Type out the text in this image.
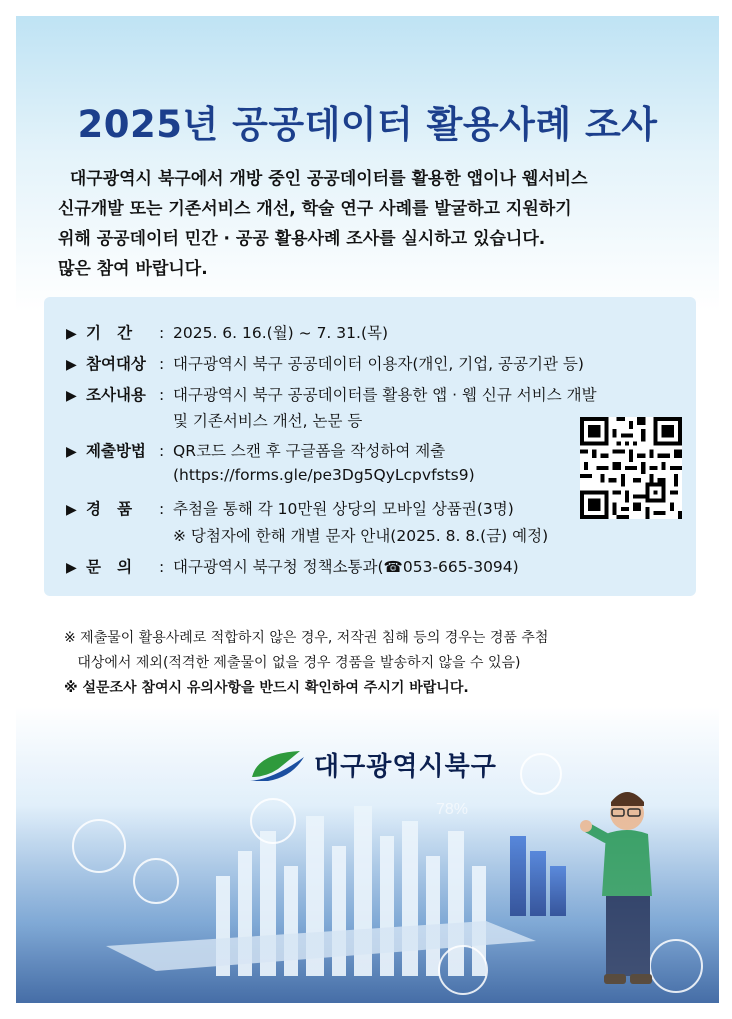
2025년 공공데이터 활용사례 조사

대구광역시 북구에서 개방 중인 공공데이터를 활용한 앱이나 웹서비스

신규개발 또는 기존서비스 개선, 학술 연구 사례를 발굴하고 지원하기

위해 공공데이터 민간 · 공공 활용사례 조사를 실시하고 있습니다.

많은 참여 바랍니다.

▶ 기   간	: 2025. 6. 16.(월) ~ 7. 31.(목)
▶ 참여대상 : 대구광역시 북구 공공데이터 이용자(개인, 기업, 공공기관 등)
▶ 조사내용 : 대구광역시 북구 공공데이터를 활용한 앱 · 웹 신규 서비스 개발
및 기존서비스 개선, 논문 등
▶ 제출방법 : QR코드 스캔 후 구글폼을 작성하여 제출
(https://forms.gle/pe3Dg5QyLcpvfsts9)
▶ 경   품	: 추첨을 통해 각 10만원 상당의 모바일 상품권(3명)
※ 당첨자에 한해 개별 문자 안내(2025. 8. 8.(금) 예정)
▶ 문   의	: 대구광역시 북구청 정책소통과(☎053-665-3094)

※ 제출물이 활용사례로 적합하지 않은 경우, 저작권 침해 등의 경우는 경품 추첨

대상에서 제외(적격한 제출물이 없을 경우 경품을 발송하지 않을 수 있음)

※ 설문조사 참여시 유의사항을 반드시 확인하여 주시기 바랍니다.

대구광역시북구
78%
